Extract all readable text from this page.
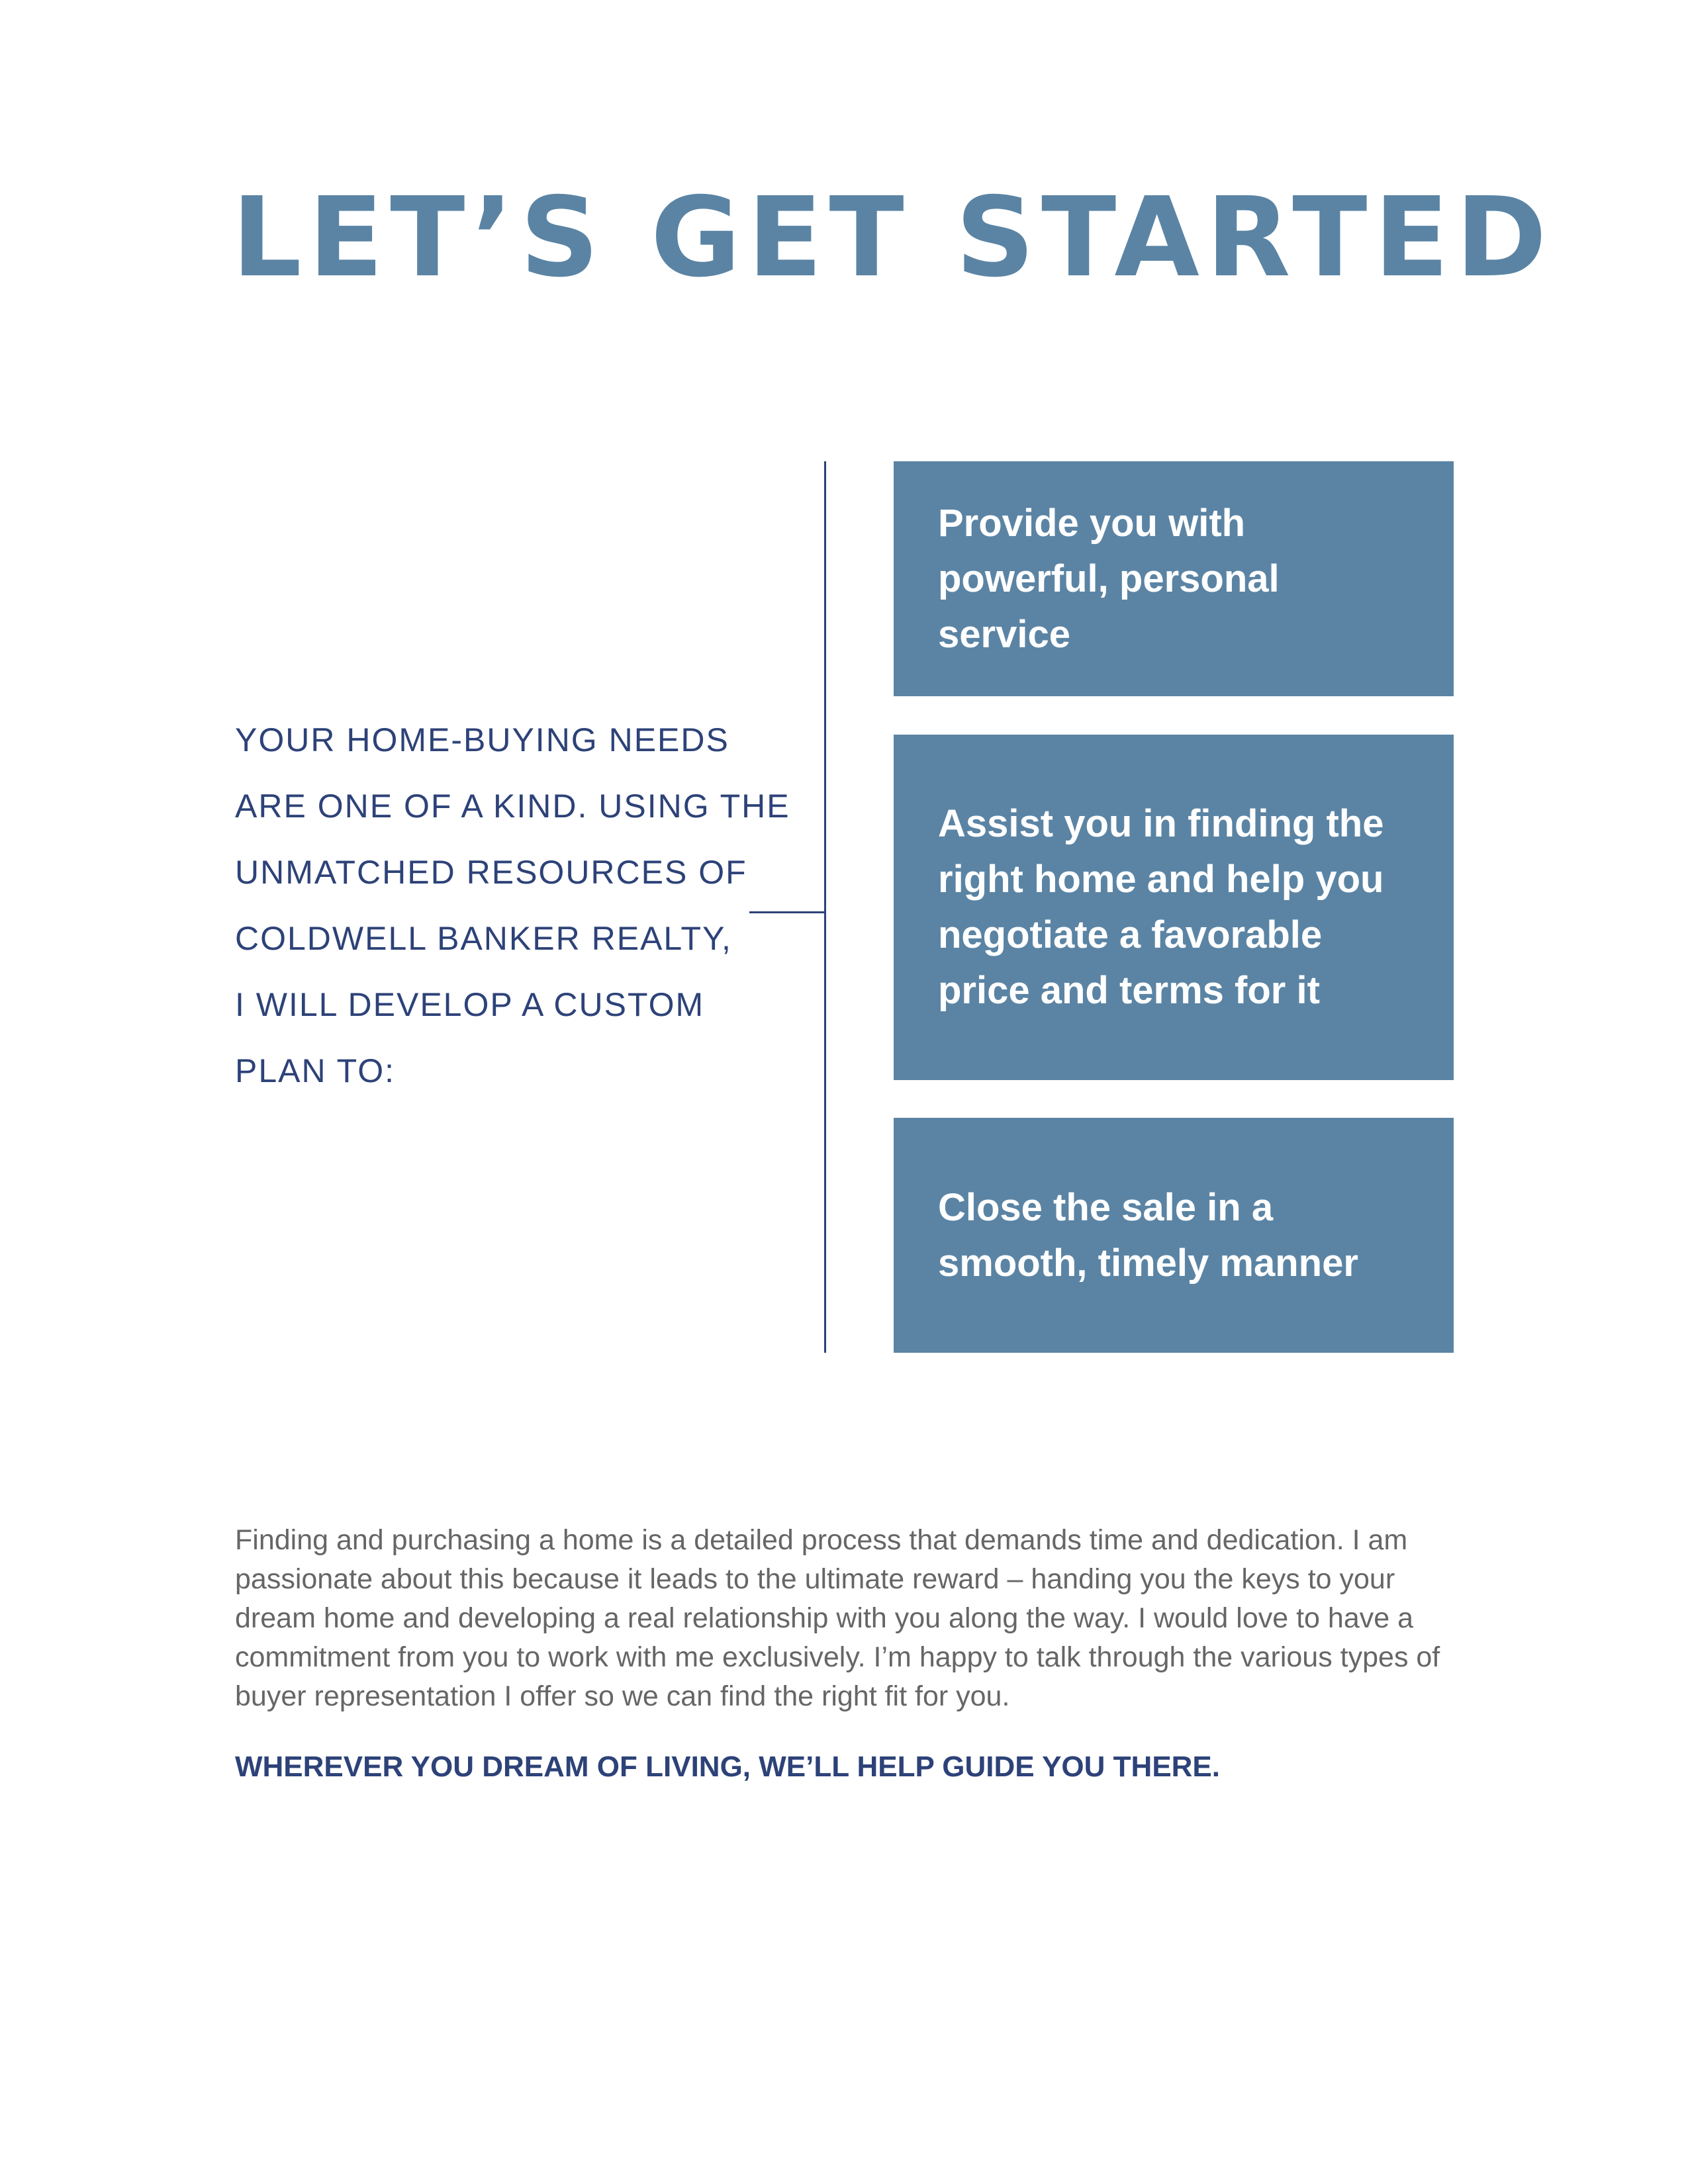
LET’S GET STARTED
YOUR HOME-BUYING NEEDS
ARE ONE OF A KIND. USING THE
UNMATCHED RESOURCES OF
COLDWELL BANKER REALTY,
I WILL DEVELOP A CUSTOM
PLAN TO:
Provide you with powerful, personal service
Assist you in finding the right home and help you negotiate a favorable price and terms for it
Close the sale in a smooth, timely manner

Finding and purchasing a home is a detailed process that demands time and dedication. I am passionate about this because it leads to the ultimate reward – handing you the keys to your dream home and developing a real relationship with you along the way. I would love to have a commitment from you to work with me exclusively. I’m happy to talk through the various types of buyer representation I offer so we can find the right fit for you.

WHEREVER YOU DREAM OF LIVING, WE’LL HELP GUIDE YOU THERE.
